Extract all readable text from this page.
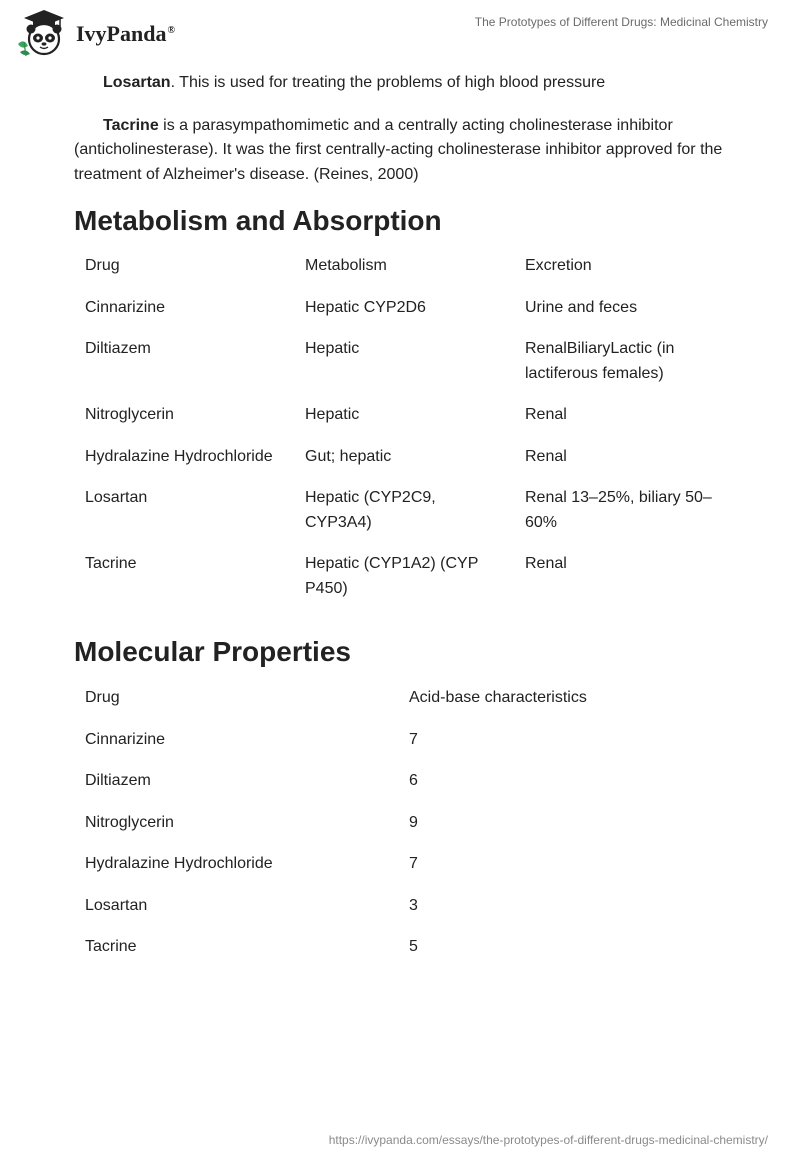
IvyPanda®
The Prototypes of Different Drugs: Medicinal Chemistry

Losartan. This is used for treating the problems of high blood pressure

Tacrine is a parasympathomimetic and a centrally acting cholinesterase inhibitor (anticholinesterase). It was the first centrally-acting cholinesterase inhibitor approved for the treatment of Alzheimer's disease. (Reines, 2000)

Metabolism and Absorption
Drug	Metabolism	Excretion
Cinnarizine	Hepatic CYP2D6	Urine and feces
Diltiazem	Hepatic	RenalBiliaryLactic (in lactiferous females)
Nitroglycerin	Hepatic	Renal
Hydralazine Hydrochloride	Gut; hepatic	Renal
Losartan	Hepatic (CYP2C9, CYP3A4)	Renal 13–25%, biliary 50–60%
Tacrine	Hepatic (CYP1A2) (CYP P450)	Renal
Molecular Properties
Drug	Acid-base characteristics
Cinnarizine	7
Diltiazem	6
Nitroglycerin	9
Hydralazine Hydrochloride	7
Losartan	3
Tacrine	5
https://ivypanda.com/essays/the-prototypes-of-different-drugs-medicinal-chemistry/
